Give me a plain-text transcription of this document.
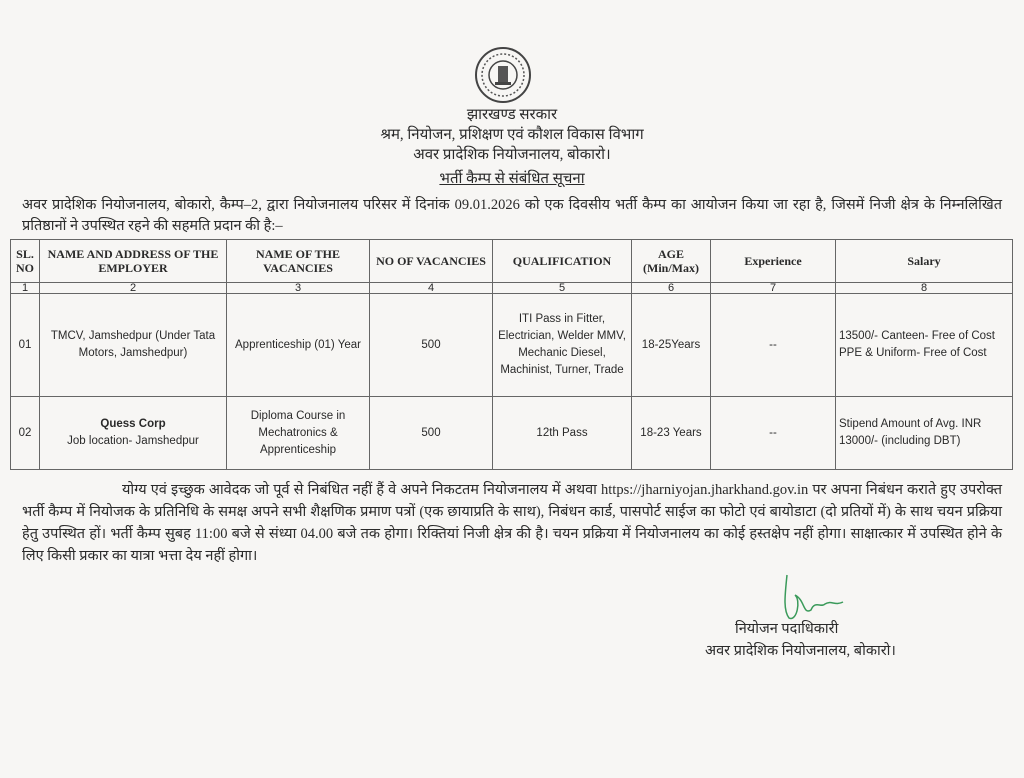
झारखण्ड सरकार
श्रम, नियोजन, प्रशिक्षण एवं कौशल विकास विभाग
अवर प्रादेशिक नियोजनालय, बोकारो।
भर्ती कैम्प से संबंधित सूचना
अवर प्रादेशिक नियोजनालय, बोकारो, कैम्प–2, द्वारा नियोजनालय परिसर में दिनांक 09.01.2026 को एक दिवसीय भर्ती कैम्प का आयोजन किया जा रहा है, जिसमें निजी क्षेत्र के निम्नलिखित प्रतिष्ठानों ने उपस्थित रहने की सहमति प्रदान की है:–
SL. NO	NAME AND ADDRESS OF THE EMPLOYER	NAME OF THE VACANCIES	NO OF VACANCIES	QUALIFICATION	AGE (Min/Max)	Experience	Salary
1	2	3	4	5	6	7	8
01	TMCV, Jamshedpur (Under Tata Motors, Jamshedpur)	Apprenticeship (01) Year	500	ITI Pass in Fitter, Electrician, Welder MMV, Mechanic Diesel, Machinist, Turner, Trade	18-25Years	--	13500/- Canteen- Free of Cost PPE & Uniform- Free of Cost
02	Quess Corp
Job location- Jamshedpur	Diploma Course in Mechatronics & Apprenticeship	500	12th Pass	18-23 Years	--	Stipend Amount of Avg. INR 13000/- (including DBT)
योग्य एवं इच्छुक आवेदक जो पूर्व से निबंधित नहीं हैं वे अपने निकटतम नियोजनालय में अथवा https://jharniyojan.jharkhand.gov.in पर अपना निबंधन कराते हुए उपरोक्त भर्ती कैम्प में नियोजक के प्रतिनिधि के समक्ष अपने सभी शैक्षणिक प्रमाण पत्रों (एक छायाप्रति के साथ), निबंधन कार्ड, पासपोर्ट साईज का फोटो एवं बायोडाटा (दो प्रतियों में) के साथ चयन प्रक्रिया हेतु उपस्थित हों। भर्ती कैम्प सुबह 11:00 बजे से संध्या 04.00 बजे तक होगा। रिक्तियां निजी क्षेत्र की है। चयन प्रक्रिया में नियोजनालय का कोई हस्तक्षेप नहीं होगा। साक्षात्कार में उपस्थित होने के लिए किसी प्रकार का यात्रा भत्ता देय नहीं होगा।
नियोजन पदाधिकारी
अवर प्रादेशिक नियोजनालय, बोकारो।
